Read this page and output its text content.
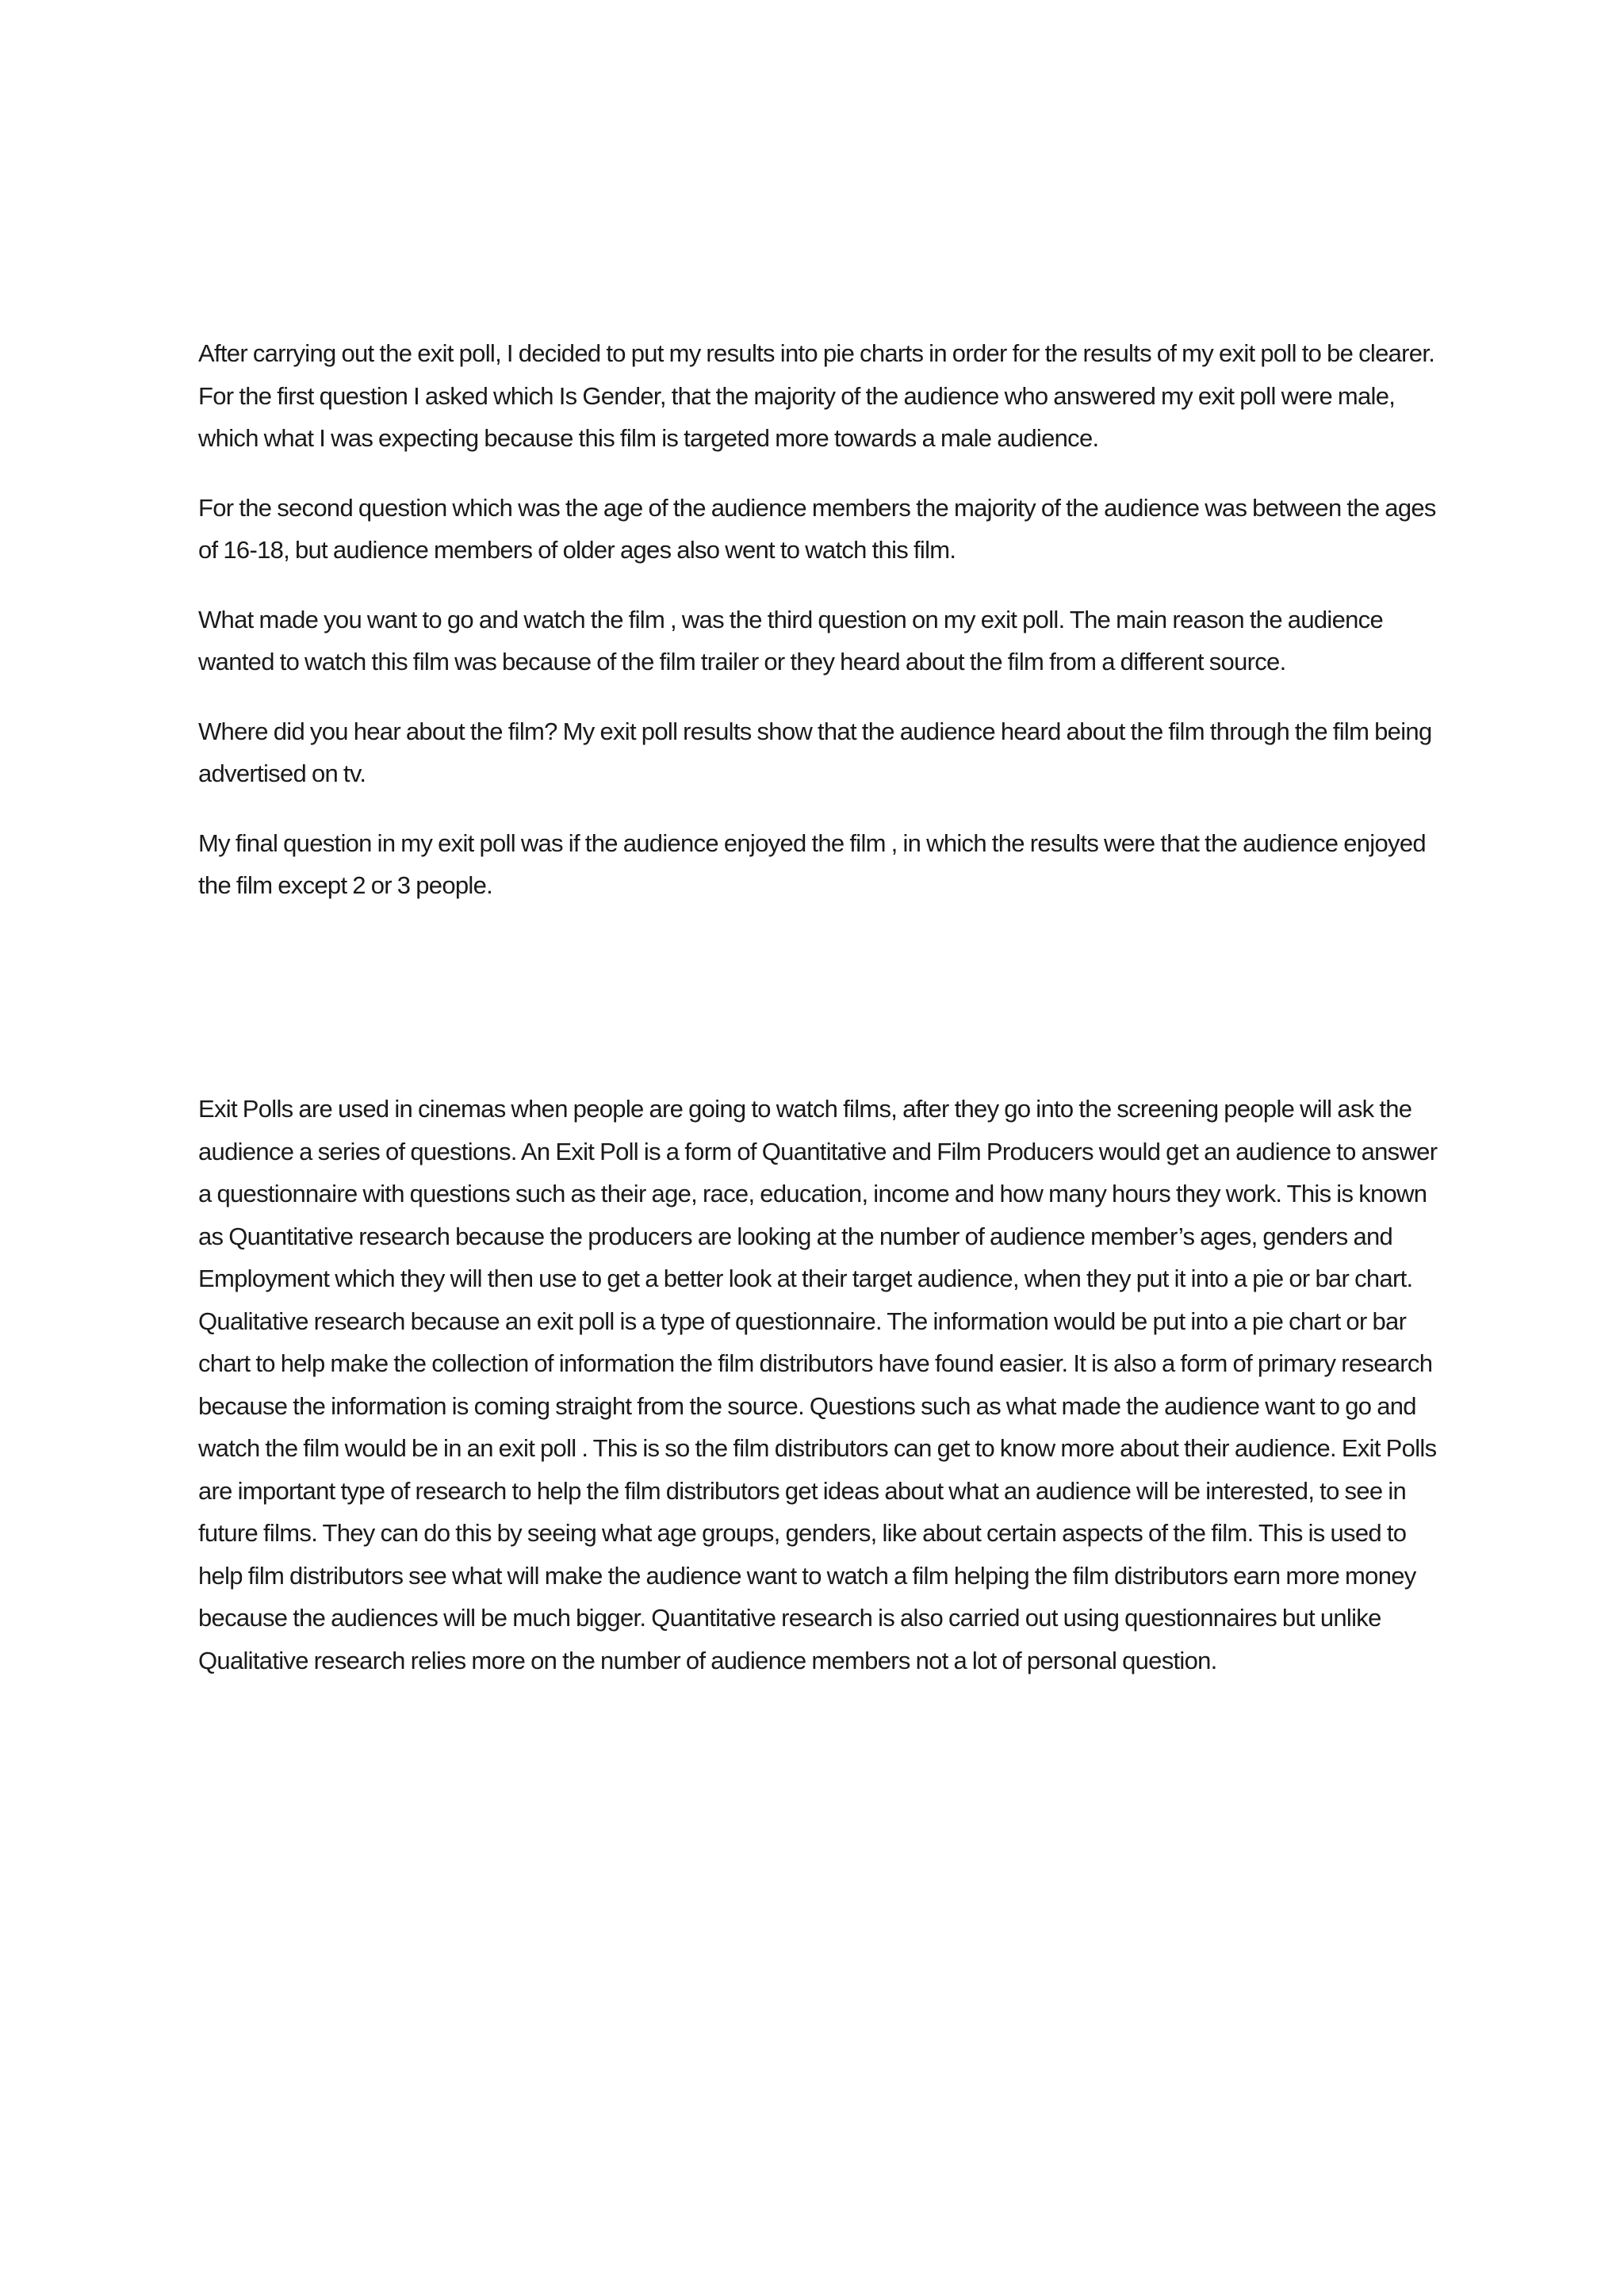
After carrying out the exit poll, I decided to put my results into pie charts in order for the results of my exit poll to be clearer. For the first question I asked which Is Gender, that the majority of the audience who answered my exit poll were male, which what I was expecting because this film is targeted more towards a male audience.

For the second question which was the age of the audience members the majority of the audience was between the ages of 16-18, but audience members of older ages also went to watch this film.

What made you want to go and watch the film , was the third question on my exit poll. The main reason the audience wanted to watch this film was because of the film trailer or they heard about the film from a different source.

Where did you hear about the film? My exit poll results show that the audience heard about the film through the film being advertised on tv.

My final question in my exit poll was if the audience enjoyed the film , in which the results were that the audience enjoyed the film except 2 or 3 people.

Exit Polls are used in cinemas when people are going to watch films, after they go into the screening people will ask the audience a series of questions. An Exit Poll is a form of Quantitative and Film Producers would get an audience to answer a questionnaire with questions such as their age, race, education, income and how many hours they work. This is known as Quantitative research because the producers are looking at the number of audience member’s ages, genders and Employment which they will then use to get a better look at their target audience, when they put it into a pie or bar chart. Qualitative research because an exit poll is a type of questionnaire. The information would be put into a pie chart or bar chart to help make the collection of information the film distributors have found easier. It is also a form of primary research because the information is coming straight from the source. Questions such as what made the audience want to go and watch the film would be in an exit poll . This is so the film distributors can get to know more about their audience. Exit Polls are important type of research to help the film distributors get ideas about what an audience will be interested, to see in future films. They can do this by seeing what age groups, genders, like about certain aspects of the film. This is used to help film distributors see what will make the audience want to watch a film helping the film distributors earn more money because the audiences will be much bigger. Quantitative research is also carried out using questionnaires but unlike Qualitative research relies more on the number of audience members not a lot of personal question.
